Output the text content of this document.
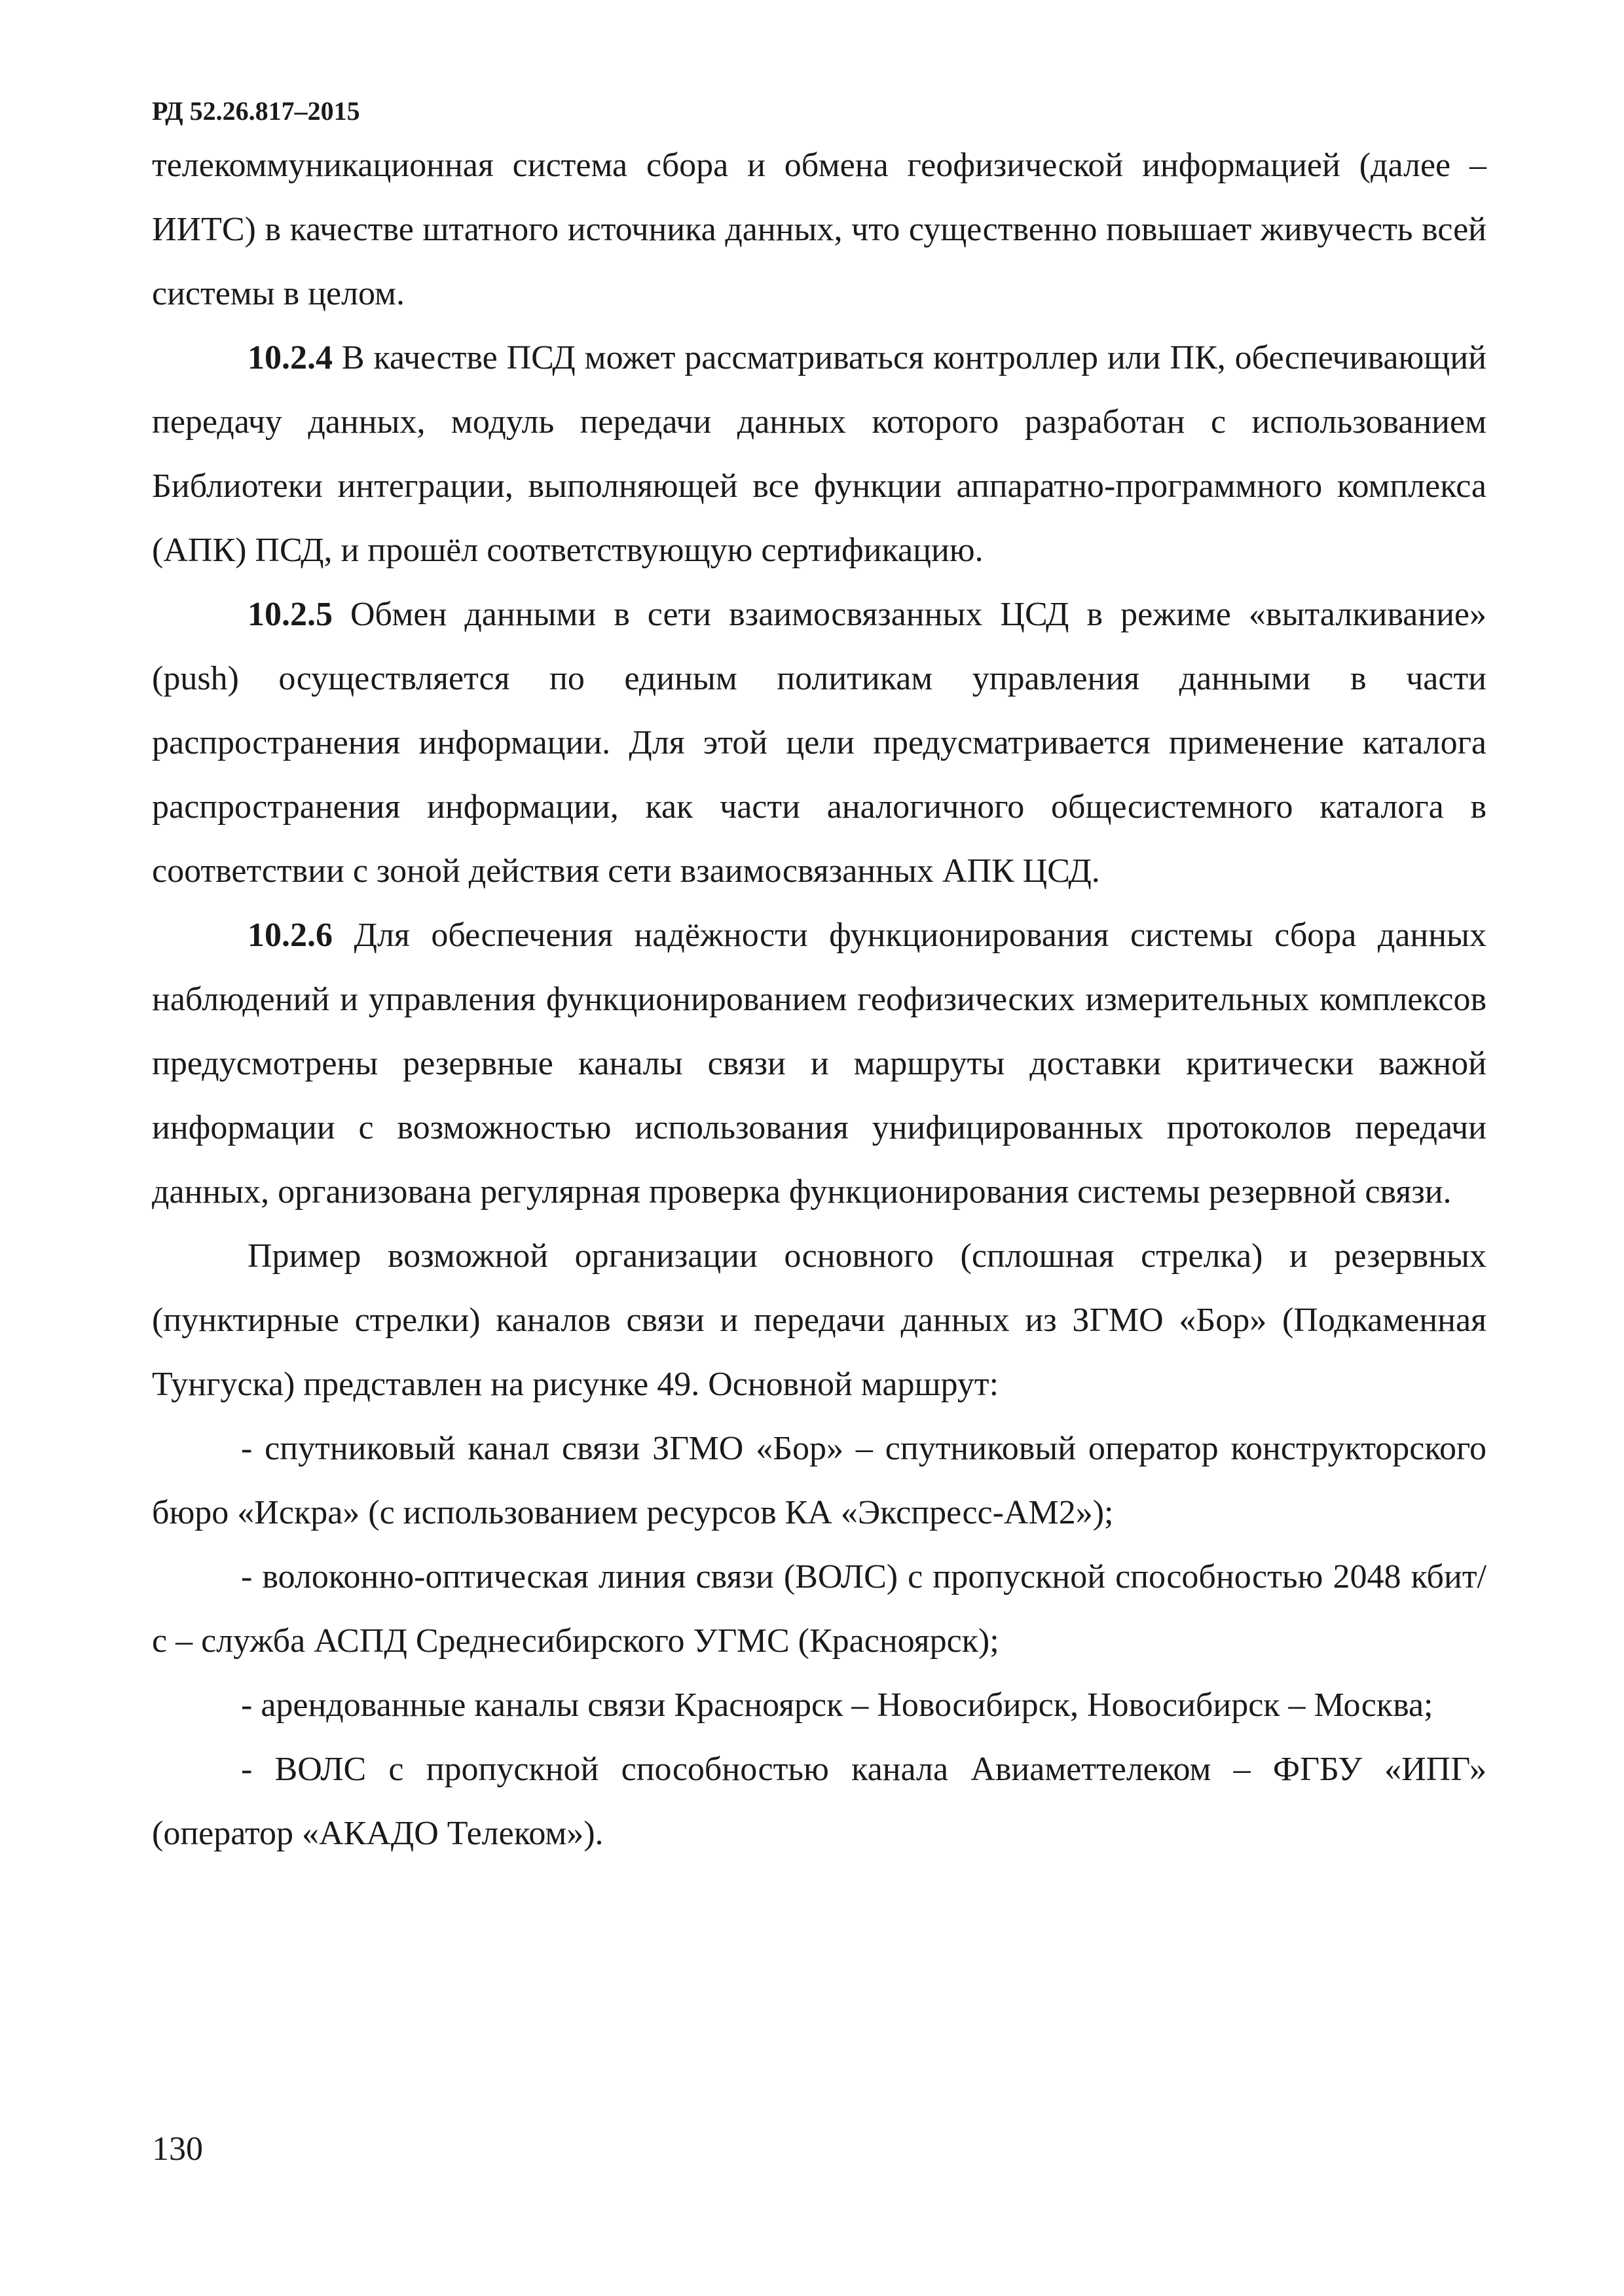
РД 52.26.817–2015

телекоммуникационная система сбора и обмена геофизической информацией (далее – ИИТС) в качестве штатного источника данных, что существенно повышает живучесть всей системы в целом.

10.2.4 В качестве ПСД может рассматриваться контроллер или ПК, обеспечивающий передачу данных, модуль передачи данных которого разработан с использованием Библиотеки интеграции, выполняющей все функции аппаратно-программного комплекса (АПК) ПСД, и прошёл соответствующую сертификацию.

10.2.5 Обмен данными в сети взаимосвязанных ЦСД в режиме «выталкивание» (push) осуществляется по единым политикам управления данными в части распространения информации. Для этой цели предусматривается применение каталога распространения информации, как части аналогичного общесистемного каталога в соответствии с зоной действия сети взаимосвязанных АПК ЦСД.

10.2.6 Для обеспечения надёжности функционирования системы сбора данных наблюдений и управления функционированием геофизических измерительных комплексов предусмотрены резервные каналы связи и маршруты доставки критически важной информации с возможностью использования унифицированных протоколов передачи данных, организована регулярная проверка функционирования системы резервной связи.

Пример возможной организации основного (сплошная стрелка) и резервных (пунктирные стрелки) каналов связи и передачи данных из ЗГМО «Бор» (Подкаменная Тунгуска) представлен на рисунке 49. Основной маршрут:

- спутниковый канал связи ЗГМО «Бор» – спутниковый оператор конструкторского бюро «Искра» (с использованием ресурсов КА «Экспресс-АМ2»);

- волоконно-оптическая линия связи (ВОЛС) с пропускной способностью 2048 кбит/с – служба АСПД Среднесибирского УГМС (Красноярск);

- арендованные каналы связи Красноярск – Новосибирск, Новосибирск – Москва;

- ВОЛС с пропускной способностью канала Авиаметтелеком – ФГБУ «ИПГ» (оператор «АКАДО Телеком»).

130
